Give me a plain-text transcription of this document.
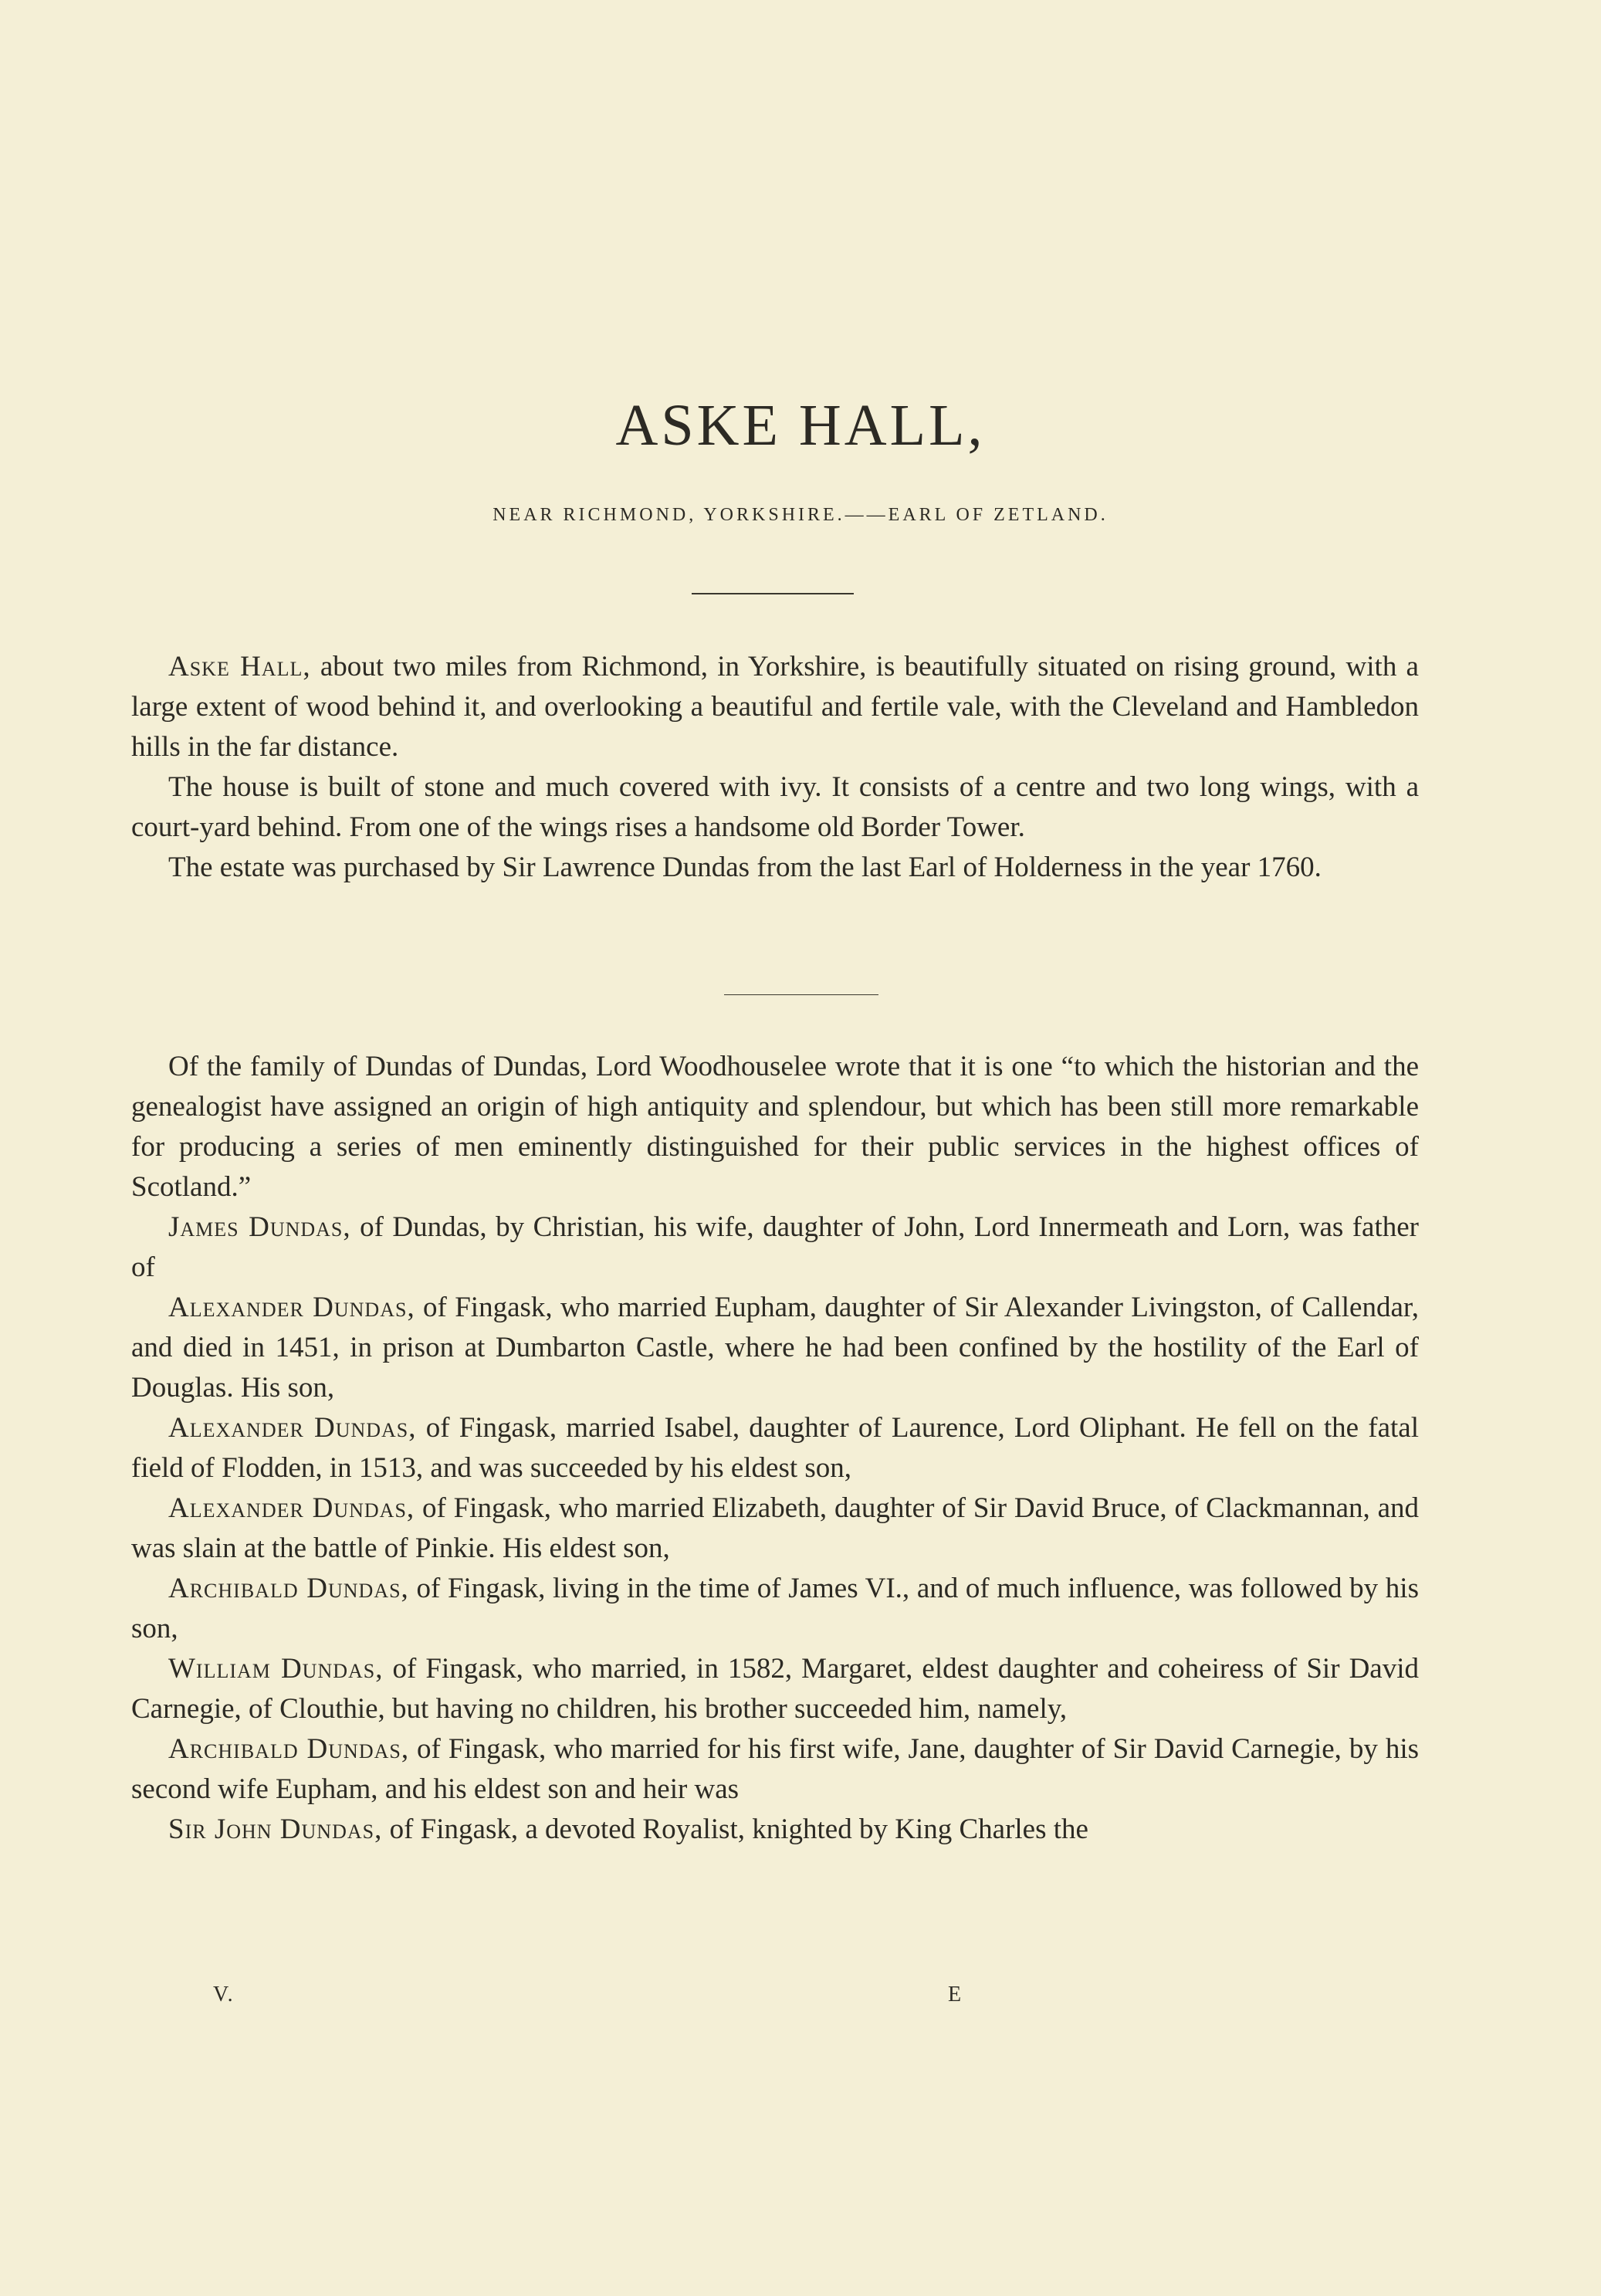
ASKE HALL,
NEAR RICHMOND, YORKSHIRE.——EARL OF ZETLAND.

Aske Hall, about two miles from Richmond, in Yorkshire, is beautifully situated on rising ground, with a large extent of wood behind it, and overlooking a beautiful and fertile vale, with the Cleveland and Hambledon hills in the far distance.

The house is built of stone and much covered with ivy. It consists of a centre and two long wings, with a court-yard behind. From one of the wings rises a handsome old Border Tower.

The estate was purchased by Sir Lawrence Dundas from the last Earl of Holderness in the year 1760.

Of the family of Dundas of Dundas, Lord Woodhouselee wrote that it is one “to which the historian and the genealogist have assigned an origin of high antiquity and splendour, but which has been still more remarkable for producing a series of men eminently distinguished for their public services in the highest offices of Scotland.”

James Dundas, of Dundas, by Christian, his wife, daughter of John, Lord Innermeath and Lorn, was father of

Alexander Dundas, of Fingask, who married Eupham, daughter of Sir Alexander Livingston, of Callendar, and died in 1451, in prison at Dumbarton Castle, where he had been confined by the hostility of the Earl of Douglas. His son,

Alexander Dundas, of Fingask, married Isabel, daughter of Laurence, Lord Oliphant. He fell on the fatal field of Flodden, in 1513, and was succeeded by his eldest son,

Alexander Dundas, of Fingask, who married Elizabeth, daughter of Sir David Bruce, of Clackmannan, and was slain at the battle of Pinkie. His eldest son,

Archibald Dundas, of Fingask, living in the time of James VI., and of much influence, was followed by his son,

William Dundas, of Fingask, who married, in 1582, Margaret, eldest daughter and coheiress of Sir David Carnegie, of Clouthie, but having no children, his brother succeeded him, namely,

Archibald Dundas, of Fingask, who married for his first wife, Jane, daughter of Sir David Carnegie, by his second wife Eupham, and his eldest son and heir was

Sir John Dundas, of Fingask, a devoted Royalist, knighted by King Charles the

V.	E
